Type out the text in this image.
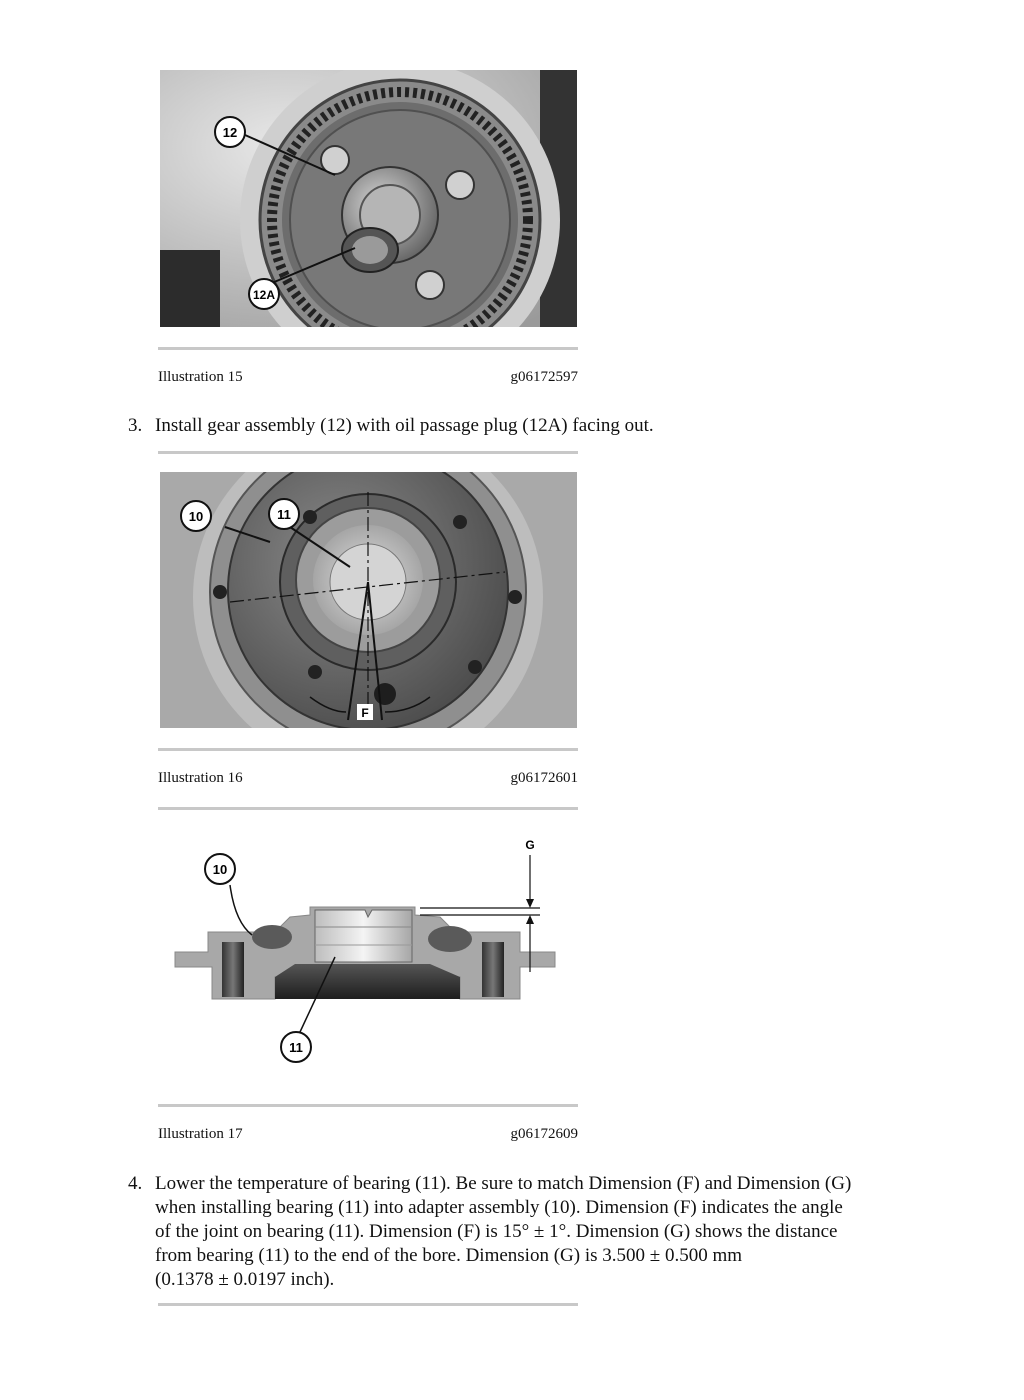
12
12A
Illustration 15	g06172597
3. Install gear assembly (12) with oil passage plug (12A) facing out.
10	11
F
Illustration 16	g06172601
G
10
11
Illustration 17	g06172609
4. Lower the temperature of bearing (11). Be sure to match Dimension (F) and Dimension (G)
when installing bearing (11) into adapter assembly (10). Dimension (F) indicates the angle
of the joint on bearing (11). Dimension (F) is 15° ± 1°. Dimension (G) shows the distance
from bearing (11) to the end of the bore. Dimension (G) is 3.500 ± 0.500 mm
(0.1378 ± 0.0197 inch).
